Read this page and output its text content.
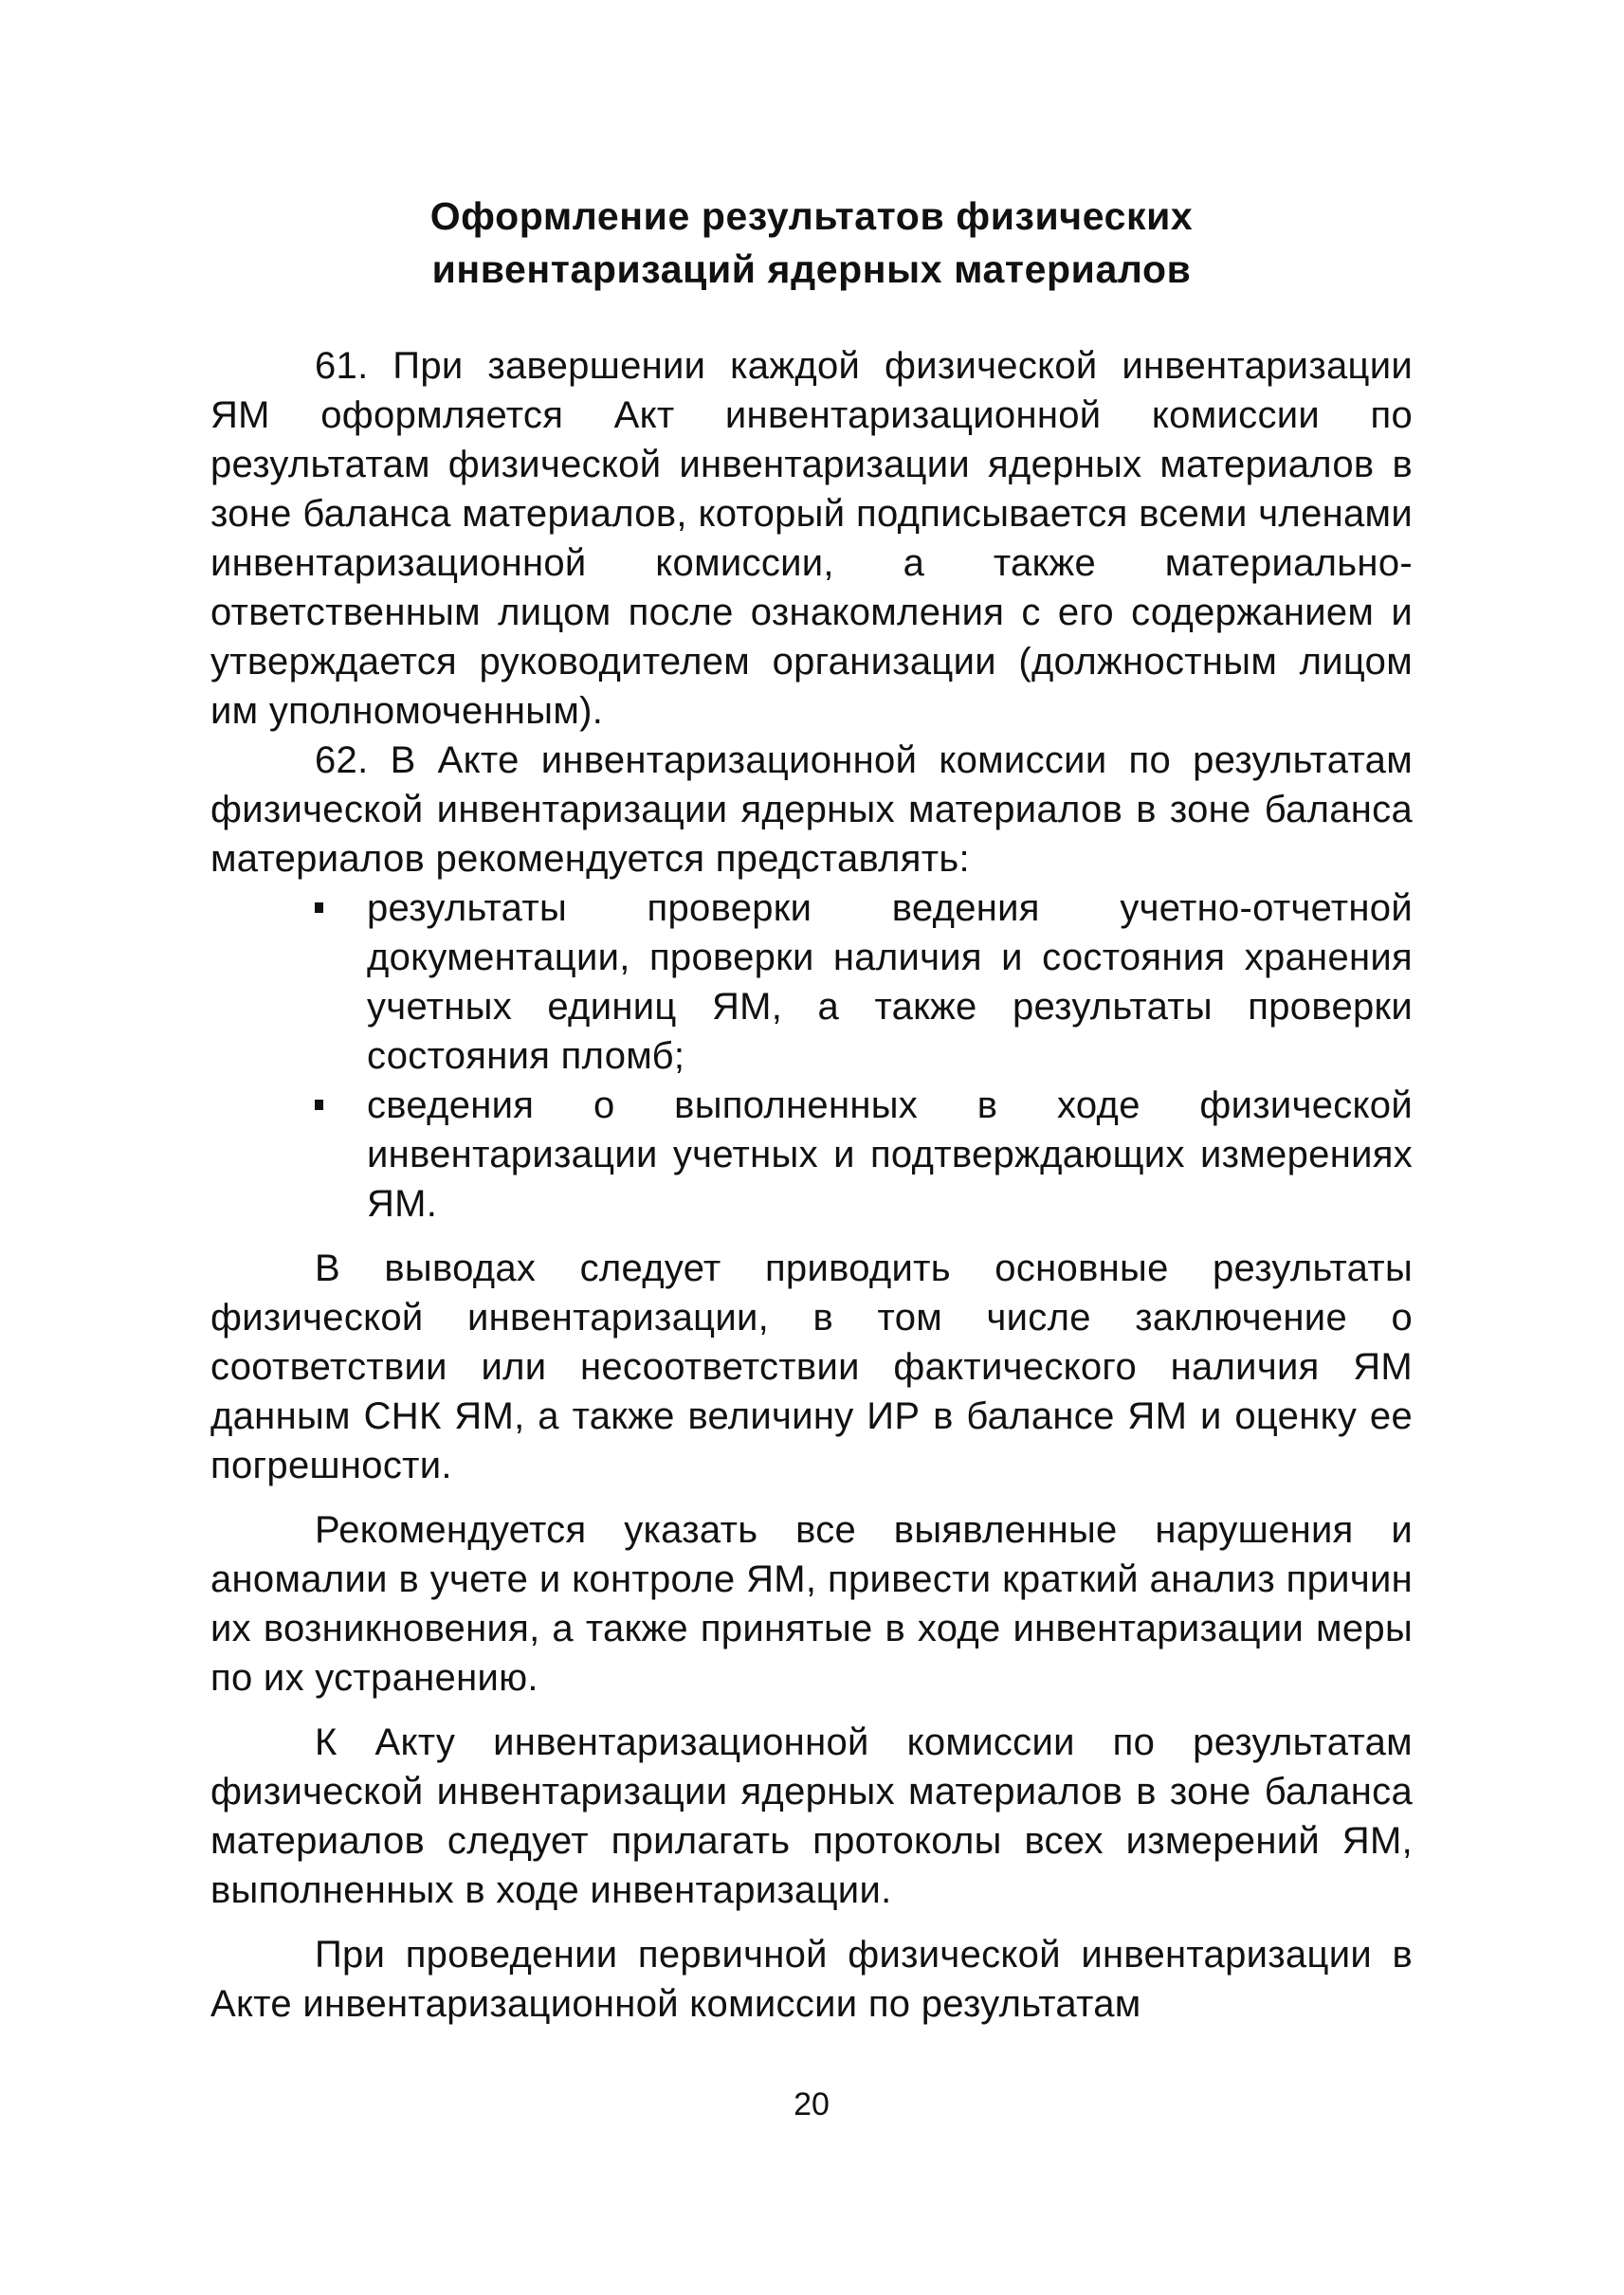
Оформление результатов физических
инвентаризаций ядерных материалов

61. При завершении каждой физической инвентаризации ЯМ оформляется Акт инвентаризационной комиссии по результатам физической инвентаризации ядерных материалов в зоне баланса материалов, который подписывается всеми членами инвентаризационной комиссии, а также материально-ответственным лицом после ознакомления с его содержанием и утверждается руководителем организации (должностным лицом им уполномоченным).

62. В Акте инвентаризационной комиссии по результатам физической инвентаризации ядерных материалов в зоне баланса материалов рекомендуется представлять:

результаты проверки ведения учетно-отчетной документации, проверки наличия и состояния хранения учетных единиц ЯМ, а также результаты проверки состояния пломб;
сведения о выполненных в ходе физической инвентаризации учетных и подтверждающих измерениях ЯМ.

В выводах следует приводить основные результаты физической инвентаризации, в том числе заключение о соответствии или несоответствии фактического наличия ЯМ данным СНК ЯМ, а также величину ИР в балансе ЯМ и оценку ее погрешности.

Рекомендуется указать все выявленные нарушения и аномалии в учете и контроле ЯМ, привести краткий анализ причин их возникновения, а также принятые в ходе инвентаризации меры по их устранению.

К Акту инвентаризационной комиссии по результатам физической инвентаризации ядерных материалов в зоне баланса материалов следует прилагать протоколы всех измерений ЯМ, выполненных в ходе инвентаризации.

При проведении первичной физической инвентаризации в Акте инвентаризационной комиссии по результатам

20
